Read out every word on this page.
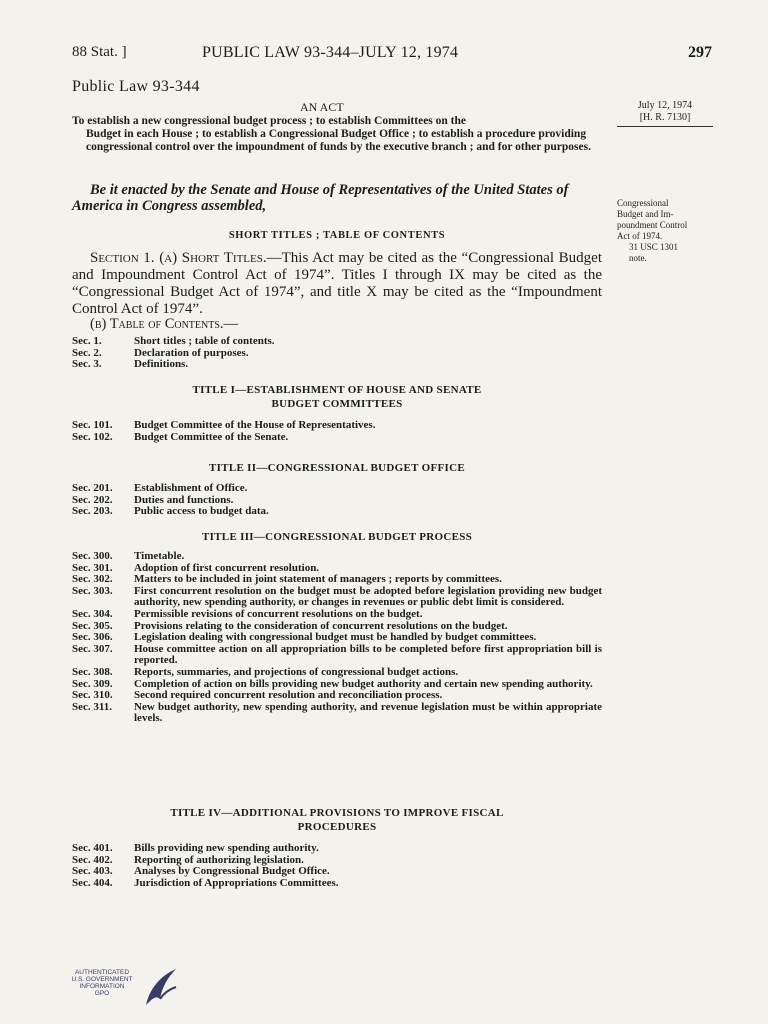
88 Stat. ]	PUBLIC LAW 93-344–JULY 12, 1974	297
Public Law 93-344
AN ACT	July 12, 1974
[H. R. 7130]
Congressional
Budget and Im-
poundment Control
Act of 1974.
31 USC 1301
note.
To establish a new congressional budget process ; to establish Committees on the
Budget in each House ; to establish a Congressional Budget Office ; to establish a procedure providing congressional control over the impoundment of funds by the executive branch ; and for other purposes.
Be it enacted by the Senate and House of Representatives of the United States of America in Congress assembled,
SHORT TITLES ; TABLE OF CONTENTS
Section 1. (a) Short Titles.—This Act may be cited as the “Congressional Budget and Impoundment Control Act of 1974”. Titles I through IX may be cited as the “Congressional Budget Act of 1974”, and title X may be cited as the “Impoundment Control Act of 1974”.
(b) Table of Contents.—
Sec. 1.	Short titles ; table of contents.
Sec. 2.	Declaration of purposes.
Sec. 3.	Definitions.
TITLE I—ESTABLISHMENT OF HOUSE AND SENATE
BUDGET COMMITTEES
Sec. 101.	Budget Committee of the House of Representatives.
Sec. 102.	Budget Committee of the Senate.
TITLE II—CONGRESSIONAL BUDGET OFFICE
Sec. 201.	Establishment of Office.
Sec. 202.	Duties and functions.
Sec. 203.	Public access to budget data.
TITLE III—CONGRESSIONAL BUDGET PROCESS
Sec. 300.	Timetable.
Sec. 301.	Adoption of first concurrent resolution.
Sec. 302.	Matters to be included in joint statement of managers ; reports by committees.
Sec. 303.	First concurrent resolution on the budget must be adopted before legislation providing new budget authority, new spending authority, or changes in revenues or public debt limit is considered.
Sec. 304.	Permissible revisions of concurrent resolutions on the budget.
Sec. 305.	Provisions relating to the consideration of concurrent resolutions on the budget.
Sec. 306.	Legislation dealing with congressional budget must be handled by budget committees.
Sec. 307.	House committee action on all appropriation bills to be completed before first appropriation bill is reported.
Sec. 308.	Reports, summaries, and projections of congressional budget actions.
Sec. 309.	Completion of action on bills providing new budget authority and certain new spending authority.
Sec. 310.	Second required concurrent resolution and reconciliation process.
Sec. 311.	New budget authority, new spending authority, and revenue legislation must be within appropriate levels.
TITLE IV—ADDITIONAL PROVISIONS TO IMPROVE FISCAL
PROCEDURES
Sec. 401.	Bills providing new spending authority.
Sec. 402.	Reporting of authorizing legislation.
Sec. 403.	Analyses by Congressional Budget Office.
Sec. 404.	Jurisdiction of Appropriations Committees.
AUTHENTICATED
U.S. GOVERNMENT
INFORMATION
GPO
